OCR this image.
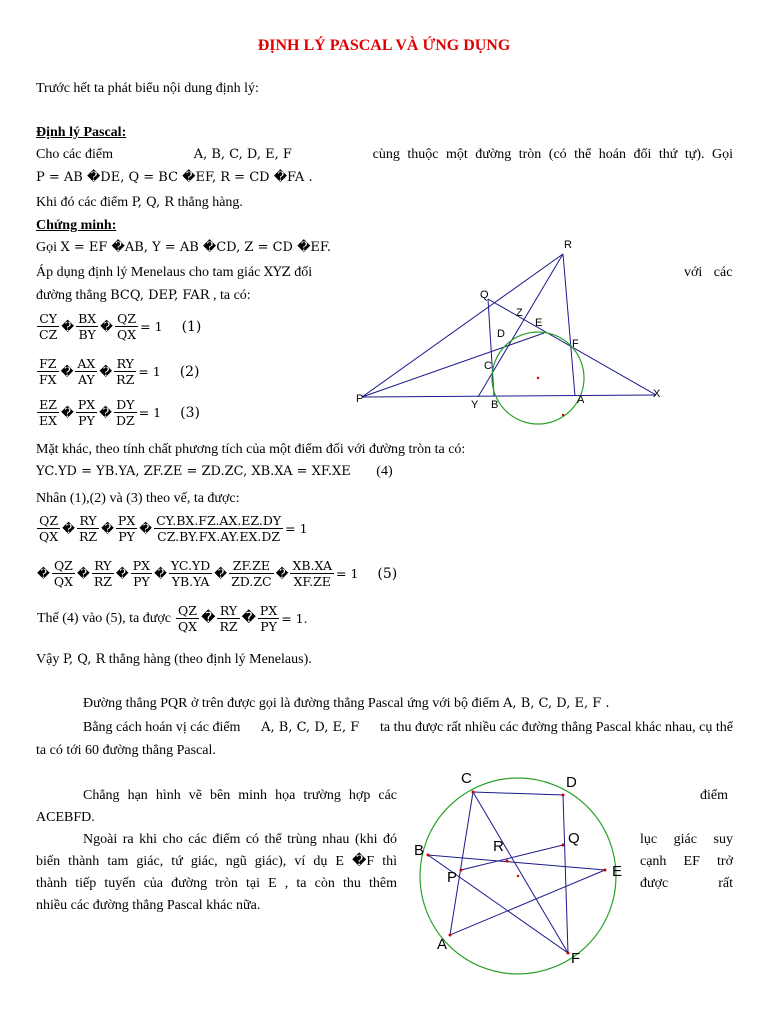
ĐỊNH LÝ PASCAL VÀ ỨNG DỤNG
Trước hết ta phát biểu nội dung định lý:
Định lý Pascal:
Cho các điểm	A, B, C, D, E, F	cùng thuộc một đường tròn (có thể hoán đổi thứ tự). Gọi
P = AB �DE, Q = BC �EF, R = CD �FA .
Khi đó các điểm P, Q, R thẳng hàng.
Chứng minh:
Gọi X = EF �AB, Y = AB �CD, Z = CD �EF.
Áp dụng định lý Menelaus cho tam giác XYZ đối	với các
đường thẳng BCQ, DEP, FAR , ta có:
$\frac{CY}{CZ}$ � $\frac{BX}{BY}$ � $\frac{QZ}{QX} = 1$ (1)
$\frac{FZ}{FX}$ � $\frac{AX}{AY}$ � $\frac{RY}{RZ} = 1$ (2)
$\frac{EZ}{EX}$ � $\frac{PX}{PY}$ � $\frac{DY}{DZ} = 1$ (3)
Mặt khác, theo tính chất phương tích của một điểm đối với đường tròn ta có:
YC.YD = YB.YA, ZF.ZE = ZD.ZC, XB.XA = XF.XE (4)
Nhân (1),(2) và (3) theo vế, ta được:
$\frac{QZ}{QX}$ � $\frac{RY}{RZ}$ � $\frac{PX}{PY}$ � $\frac{CY.BX.FZ.AX.EZ.DY}{CZ.BY.FX.AY.EX.DZ} = 1$
� $\frac{QZ}{QX}$ � $\frac{RY}{RZ}$ � $\frac{PX}{PY}$ � $\frac{YC.YD}{YB.YA}$ � $\frac{ZF.ZE}{ZD.ZC}$ � $\frac{XB.XA}{XF.ZE} = 1$ (5)
Thế (4) vào (5), ta được $\frac{QZ}{QX}$ � $\frac{RY}{RZ}$ � $\frac{PX}{PY} = 1$.
Vậy P, Q, R thẳng hàng (theo định lý Menelaus).
Đường thẳng PQR ở trên được gọi là đường thẳng Pascal ứng với bộ điểm A, B, C, D, E, F .
Bằng cách hoán vị các điểm A, B, C, D, E, F ta thu được rất nhiều các đường thẳng Pascal khác nhau, cụ thể
ta có tới 60 đường thẳng Pascal.
Chẳng hạn hình vẽ bên minh họa trường hợp các	điểm
ACEBFD.
Ngoài ra khi cho các điểm có thể trùng nhau (khi đó	lục giác suy
biến thành tam giác, tứ giác, ngũ giác), ví dụ E �F thì	cạnh EF trở
thành tiếp tuyến của đường tròn tại E , ta còn thu thêm	được rất
nhiều các đường thẳng Pascal khác nữa.
R
Q
Z
D
E
F
C
P	Y B	A	X
C	D
B	R	Q
E
P
A
F
